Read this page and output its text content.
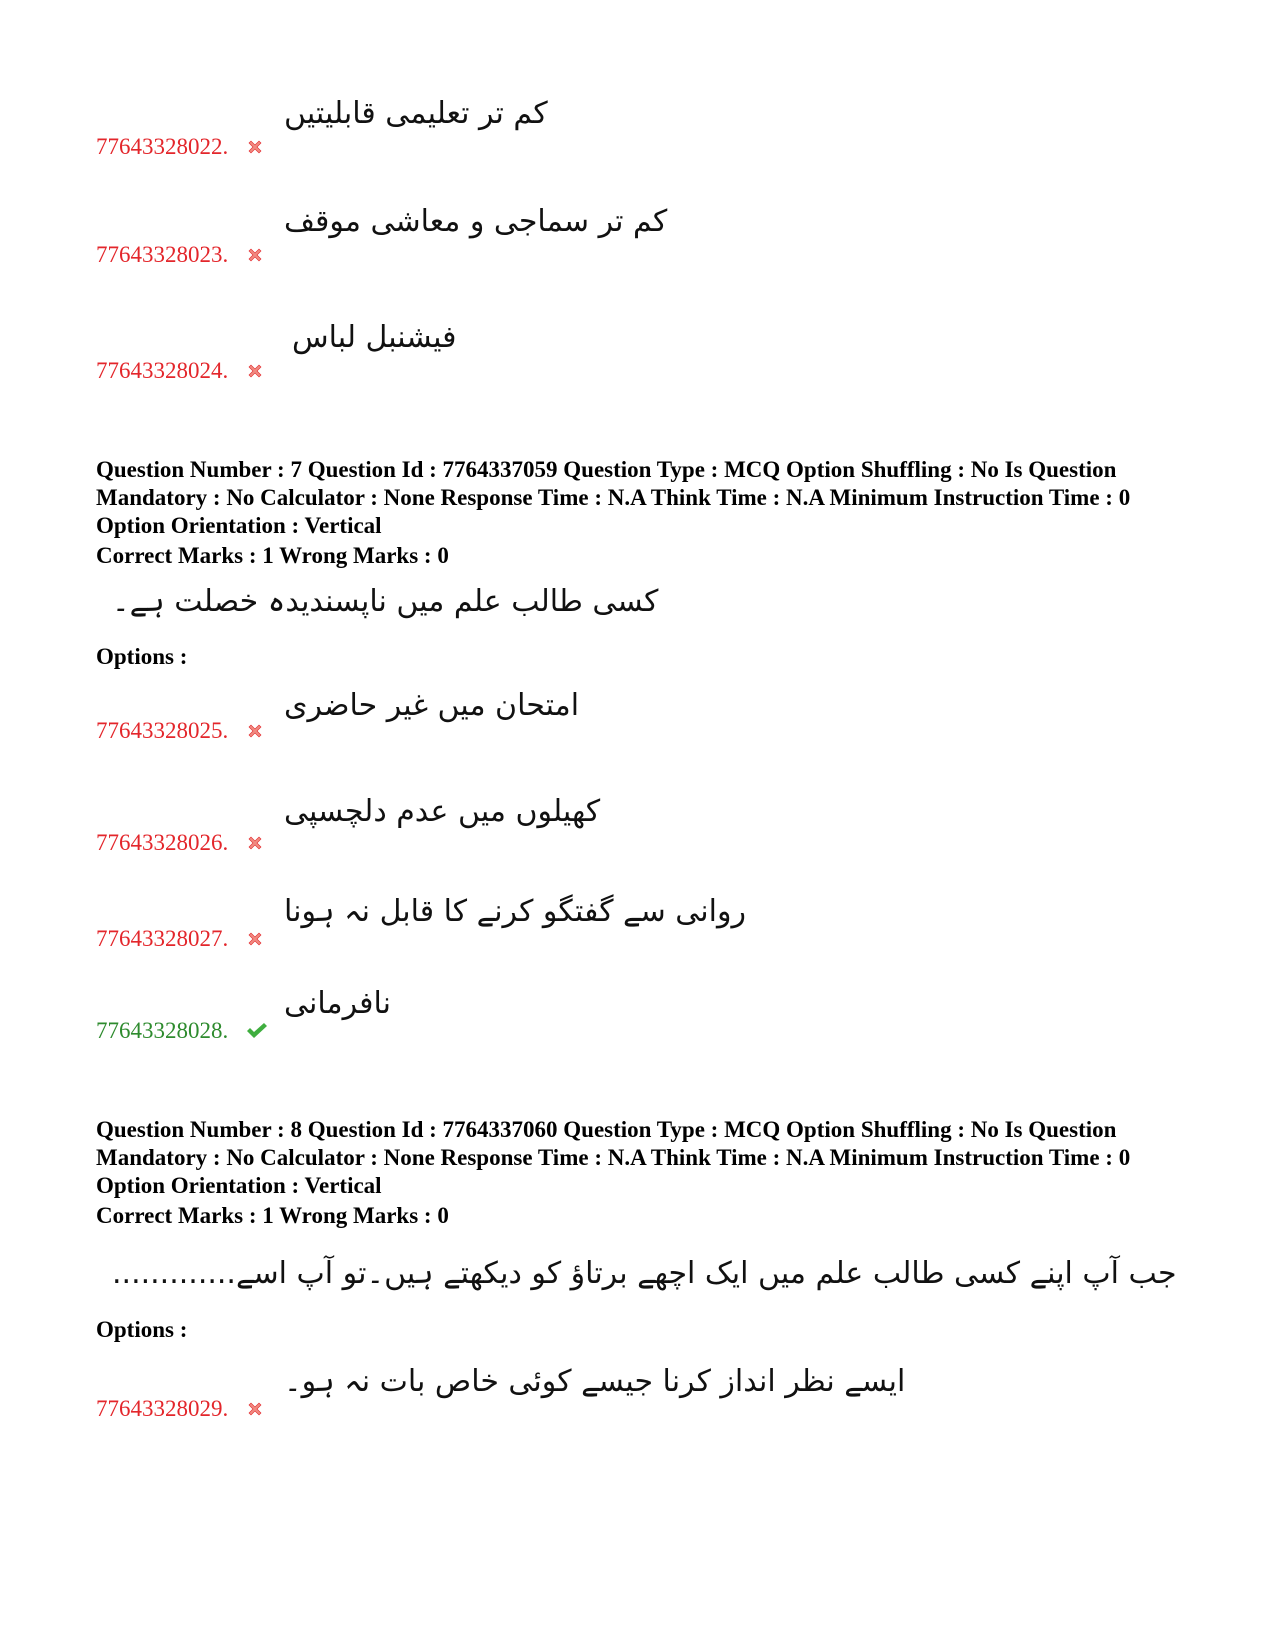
کم تر تعلیمی قابلیتیں
77643328022.
کم تر سماجی و معاشی موقف
77643328023.
فیشنبل لباس
77643328024.
Question Number : 7 Question Id : 7764337059 Question Type : MCQ Option Shuffling : No Is Question Mandatory : No Calculator : None Response Time : N.A Think Time : N.A Minimum Instruction Time : 0 Option Orientation : Vertical
Correct Marks : 1 Wrong Marks : 0
کسی طالب علم میں ناپسندیدہ خصلت ہے۔
Options :
امتحان میں غیر حاضری
77643328025.
کھیلوں میں عدم دلچسپی
77643328026.
روانی سے گفتگو کرنے کا قابل نہ ہونا
77643328027.
نافرمانی
77643328028.
Question Number : 8 Question Id : 7764337060 Question Type : MCQ Option Shuffling : No Is Question Mandatory : No Calculator : None Response Time : N.A Think Time : N.A Minimum Instruction Time : 0 Option Orientation : Vertical
Correct Marks : 1 Wrong Marks : 0
جب آپ اپنے کسی طالب علم میں ایک اچھے برتاؤ کو دیکھتے ہیں۔تو آپ اسے.............
Options :
ایسے نظر انداز کرنا جیسے کوئی خاص بات نہ ہو۔
77643328029.
